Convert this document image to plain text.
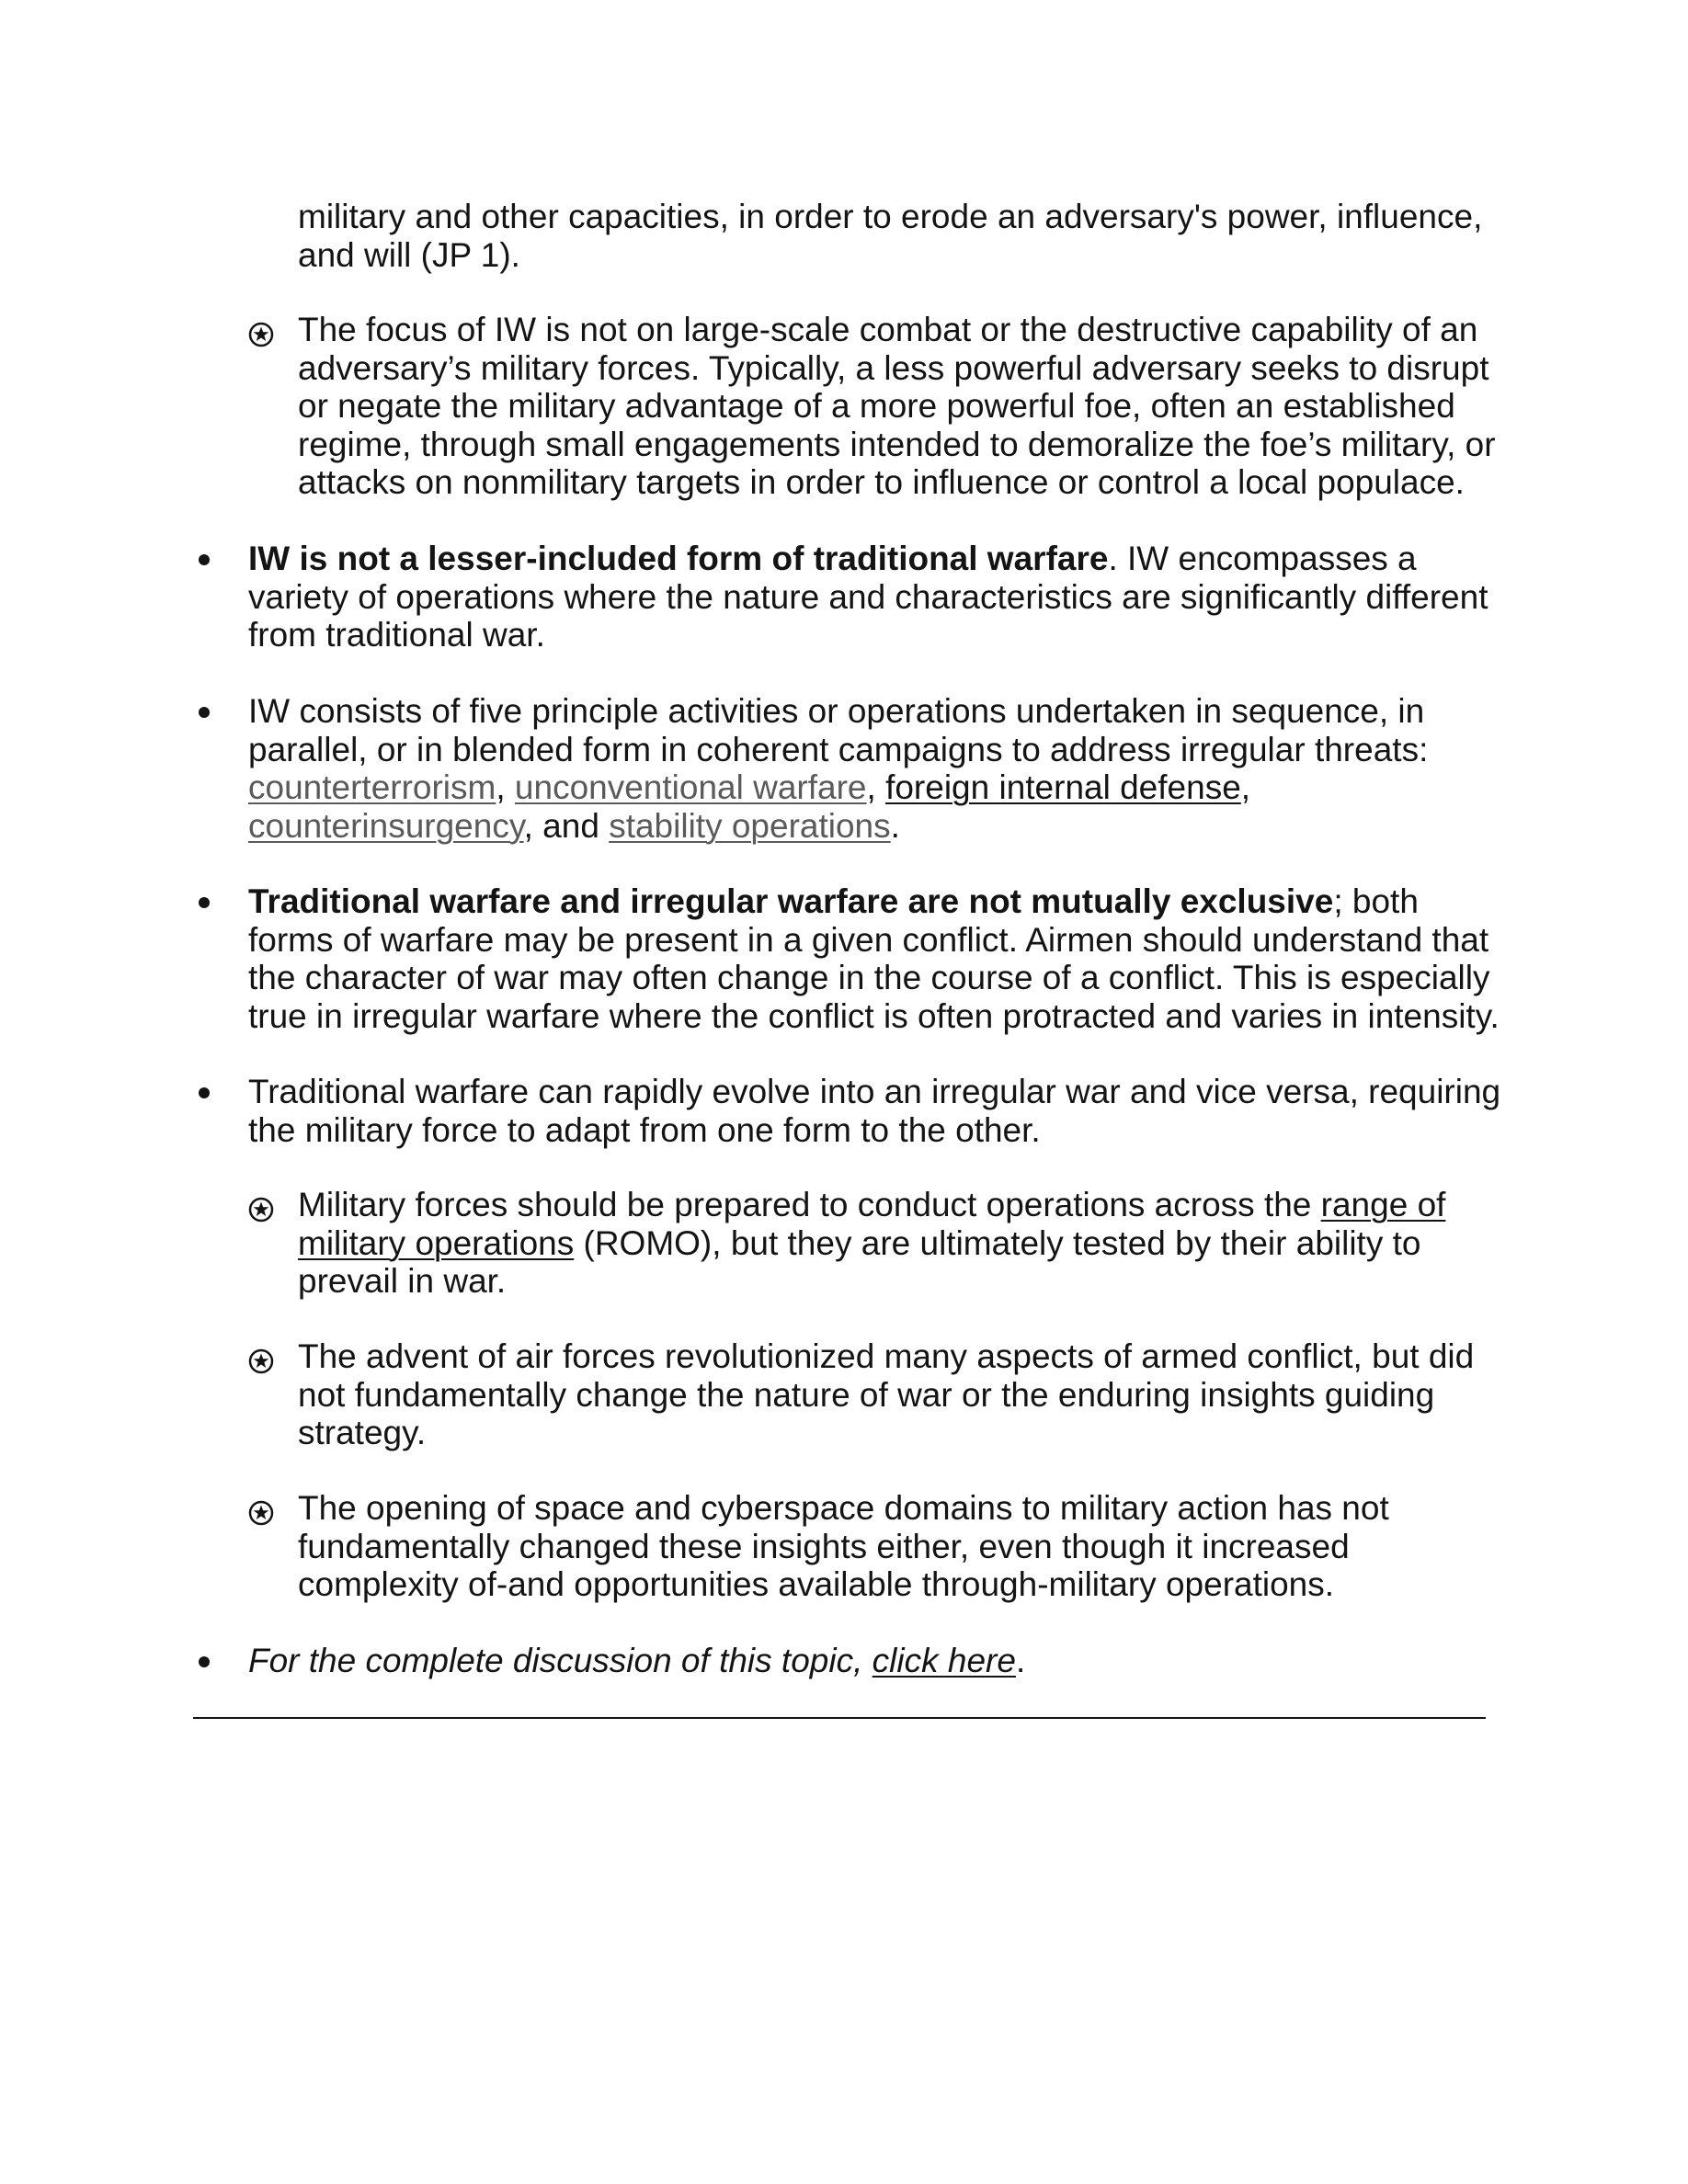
military and other capacities, in order to erode an adversary's power, influence, and will (JP 1).

The focus of IW is not on large-scale combat or the destructive capability of an adversary’s military forces. Typically, a less powerful adversary seeks to disrupt or negate the military advantage of a more powerful foe, often an established regime, through small engagements intended to demoralize the foe’s military, or attacks on nonmilitary targets in order to influence or control a local populace.
IW is not a lesser-included form of traditional warfare. IW encompasses a variety of operations where the nature and characteristics are significantly different from traditional war.
IW consists of five principle activities or operations undertaken in sequence, in parallel, or in blended form in coherent campaigns to address irregular threats: counterterrorism, unconventional warfare, foreign internal defense, counterinsurgency, and stability operations.
Traditional warfare and irregular warfare are not mutually exclusive; both forms of warfare may be present in a given conflict. Airmen should understand that the character of war may often change in the course of a conflict. This is especially true in irregular warfare where the conflict is often protracted and varies in intensity.
Traditional warfare can rapidly evolve into an irregular war and vice versa, requiring the military force to adapt from one form to the other.
Military forces should be prepared to conduct operations across the range of military operations (ROMO), but they are ultimately tested by their ability to prevail in war.
The advent of air forces revolutionized many aspects of armed conflict, but did not fundamentally change the nature of war or the enduring insights guiding strategy.
The opening of space and cyberspace domains to military action has not fundamentally changed these insights either, even though it increased complexity of-and opportunities available through-military operations.
For the complete discussion of this topic, click here.
